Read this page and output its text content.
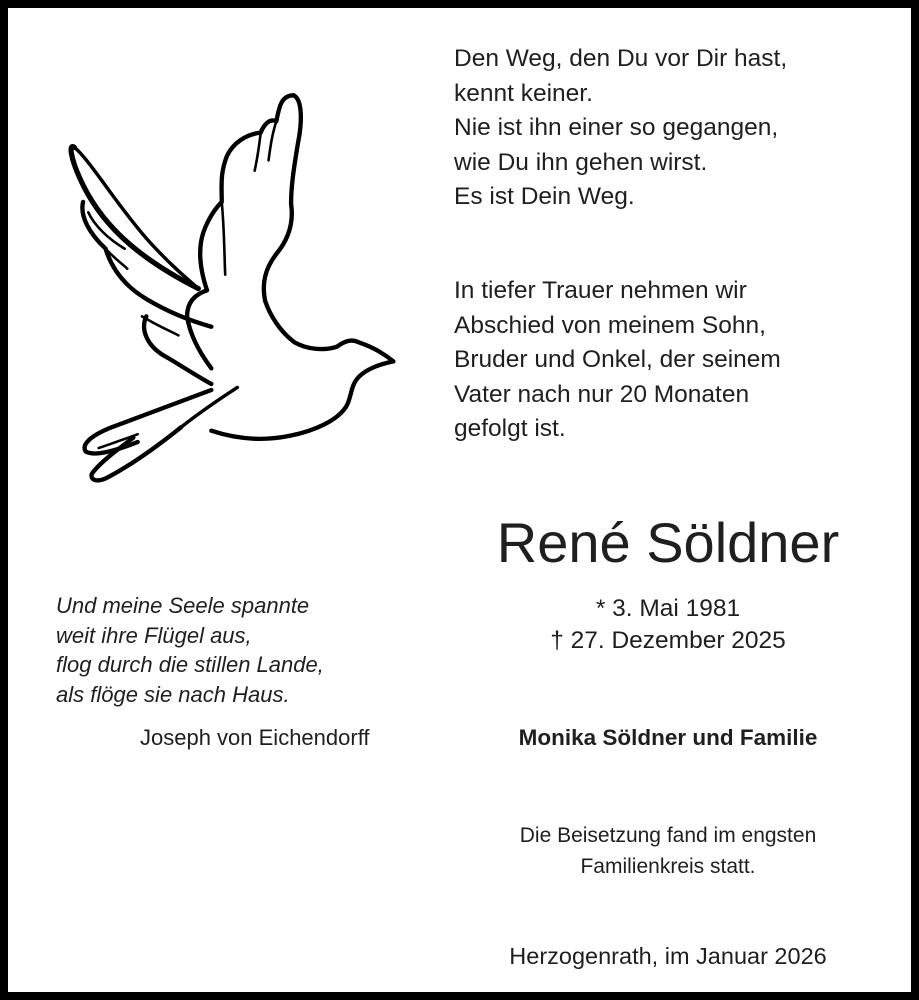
Den Weg, den Du vor Dir hast,
kennt keiner.
Nie ist ihn einer so gegangen,
wie Du ihn gehen wirst.
Es ist Dein Weg.
In tiefer Trauer nehmen wir
Abschied von meinem Sohn,
Bruder und Onkel, der seinem
Vater nach nur 20 Monaten
gefolgt ist.
René Söldner
* 3. Mai 1981
† 27. Dezember 2025
Und meine Seele spannte
weit ihre Flügel aus,
flog durch die stillen Lande,
als flöge sie nach Haus.
Joseph von Eichendorff	Monika Söldner und Familie
Die Beisetzung fand im engsten
Familienkreis statt.
Herzogenrath, im Januar 2026
